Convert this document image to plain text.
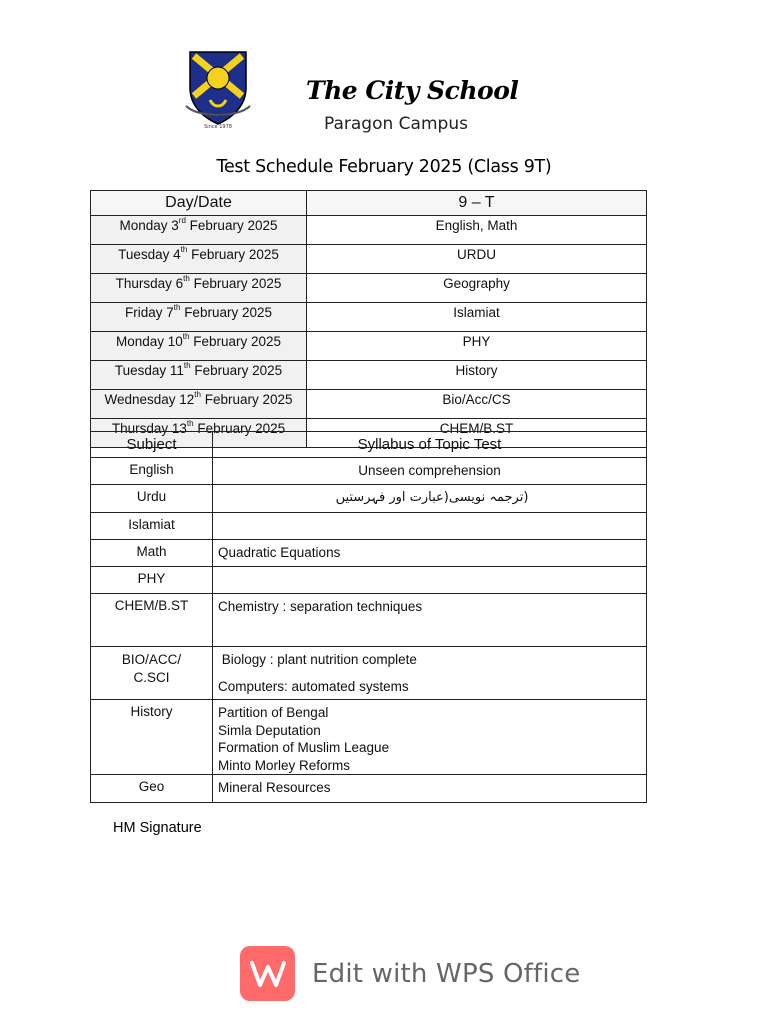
Aim High
Since 1978
The City School
Paragon Campus
Test Schedule February 2025 (Class 9T)
Day/Date	9 – T
Monday 3rd February 2025	English, Math
Tuesday 4th February 2025	URDU
Thursday 6th February 2025	Geography
Friday 7th February 2025	Islamiat
Monday 10th February 2025	PHY
Tuesday 11th February 2025	History
Wednesday 12th February 2025	Bio/Acc/CS
Thursday 13th February 2025	CHEM/B.ST
Subject	Syllabus of Topic Test
English	Unseen comprehension

Urdu	(ترجمہ نویسی(عبارت اور فہرستیں

Islamiat	
Math	Quadratic Equations

PHY	
CHEM/B.ST	Chemistry : separation techniques

BIO/ACC/
C.SCI	Biology : plant nutrition complete
Computers: automated systems

History	Partition of Bengal
Simla Deputation
Formation of Muslim League
Minto Morley Reforms

Geo	Mineral Resources
HM Signature
Edit with WPS Office
